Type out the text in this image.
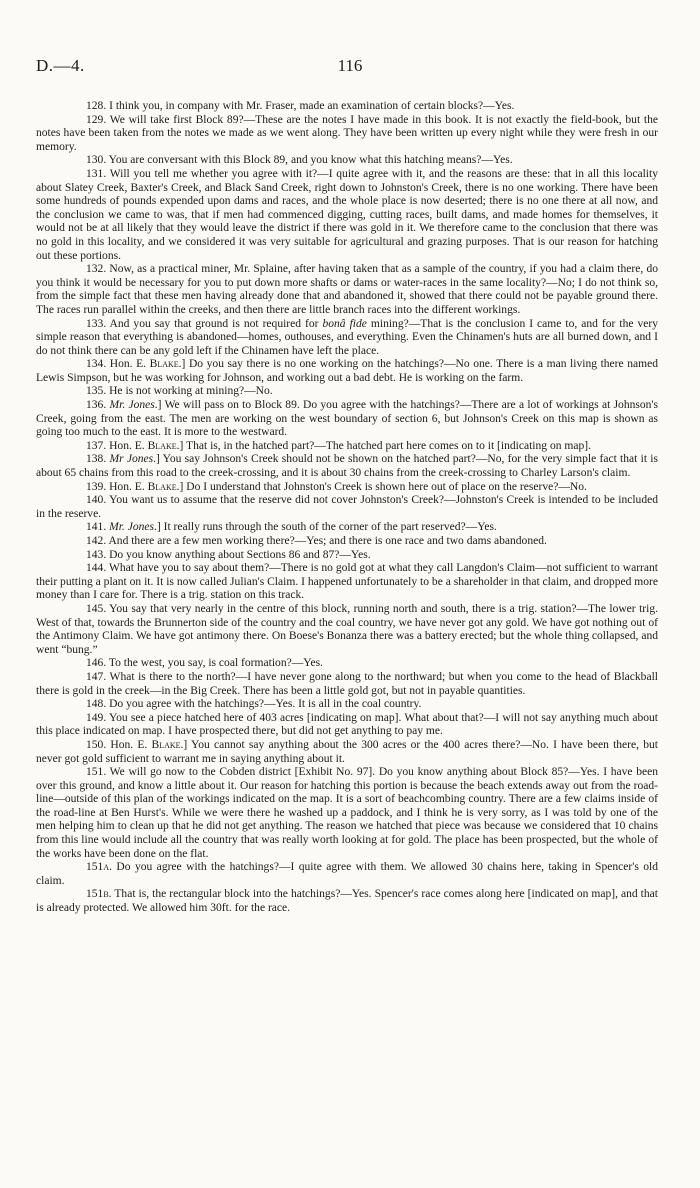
D.—4.	116

128. I think you, in company with Mr. Fraser, made an examination of certain blocks?—Yes.

129. We will take first Block 89?—These are the notes I have made in this book. It is not exactly the field-book, but the notes have been taken from the notes we made as we went along. They have been written up every night while they were fresh in our memory.

130. You are conversant with this Block 89, and you know what this hatching means?—Yes.

131. Will you tell me whether you agree with it?—I quite agree with it, and the reasons are these: that in all this locality about Slatey Creek, Baxter's Creek, and Black Sand Creek, right down to Johnston's Creek, there is no one working. There have been some hundreds of pounds expended upon dams and races, and the whole place is now deserted; there is no one there at all now, and the conclusion we came to was, that if men had commenced digging, cutting races, built dams, and made homes for themselves, it would not be at all likely that they would leave the district if there was gold in it. We therefore came to the conclusion that there was no gold in this locality, and we considered it was very suitable for agricultural and grazing purposes. That is our reason for hatching out these portions.

132. Now, as a practical miner, Mr. Splaine, after having taken that as a sample of the country, if you had a claim there, do you think it would be necessary for you to put down more shafts or dams or water-races in the same locality?—No; I do not think so, from the simple fact that these men having already done that and abandoned it, showed that there could not be payable ground there. The races run parallel within the creeks, and then there are little branch races into the different workings.

133. And you say that ground is not required for bonâ fide mining?—That is the conclusion I came to, and for the very simple reason that everything is abandoned—homes, outhouses, and everything. Even the Chinamen's huts are all burned down, and I do not think there can be any gold left if the Chinamen have left the place.

134. Hon. E. Blake.] Do you say there is no one working on the hatchings?—No one. There is a man living there named Lewis Simpson, but he was working for Johnson, and working out a bad debt. He is working on the farm.

135. He is not working at mining?—No.

136. Mr. Jones.] We will pass on to Block 89. Do you agree with the hatchings?—There are a lot of workings at Johnson's Creek, going from the east. The men are working on the west boundary of section 6, but Johnson's Creek on this map is shown as going too much to the east. It is more to the westward.

137. Hon. E. Blake.] That is, in the hatched part?—The hatched part here comes on to it [indicating on map].

138. Mr Jones.] You say Johnson's Creek should not be shown on the hatched part?—No, for the very simple fact that it is about 65 chains from this road to the creek-crossing, and it is about 30 chains from the creek-crossing to Charley Larson's claim.

139. Hon. E. Blake.] Do I understand that Johnston's Creek is shown here out of place on the reserve?—No.

140. You want us to assume that the reserve did not cover Johnston's Creek?—Johnston's Creek is intended to be included in the reserve.

141. Mr. Jones.] It really runs through the south of the corner of the part reserved?—Yes.

142. And there are a few men working there?—Yes; and there is one race and two dams abandoned.

143. Do you know anything about Sections 86 and 87?—Yes.

144. What have you to say about them?—There is no gold got at what they call Langdon's Claim—not sufficient to warrant their putting a plant on it. It is now called Julian's Claim. I happened unfortunately to be a shareholder in that claim, and dropped more money than I care for. There is a trig. station on this track.

145. You say that very nearly in the centre of this block, running north and south, there is a trig. station?—The lower trig. West of that, towards the Brunnerton side of the country and the coal country, we have never got any gold. We have got nothing out of the Antimony Claim. We have got antimony there. On Boese's Bonanza there was a battery erected; but the whole thing collapsed, and went “bung.”

146. To the west, you say, is coal formation?—Yes.

147. What is there to the north?—I have never gone along to the northward; but when you come to the head of Blackball there is gold in the creek—in the Big Creek. There has been a little gold got, but not in payable quantities.

148. Do you agree with the hatchings?—Yes. It is all in the coal country.

149. You see a piece hatched here of 403 acres [indicating on map]. What about that?—I will not say anything much about this place indicated on map. I have prospected there, but did not get anything to pay me.

150. Hon. E. Blake.] You cannot say anything about the 300 acres or the 400 acres there?—No. I have been there, but never got gold sufficient to warrant me in saying anything about it.

151. We will go now to the Cobden district [Exhibit No. 97]. Do you know anything about Block 85?—Yes. I have been over this ground, and know a little about it. Our reason for hatching this portion is because the beach extends away out from the road-line—outside of this plan of the workings indicated on the map. It is a sort of beachcombing country. There are a few claims inside of the road-line at Ben Hurst's. While we were there he washed up a paddock, and I think he is very sorry, as I was told by one of the men helping him to clean up that he did not get anything. The reason we hatched that piece was because we considered that 10 chains from this line would include all the country that was really worth looking at for gold. The place has been prospected, but the whole of the works have been done on the flat.

151a. Do you agree with the hatchings?—I quite agree with them. We allowed 30 chains here, taking in Spencer's old claim.

151b. That is, the rectangular block into the hatchings?—Yes. Spencer's race comes along here [indicated on map], and that is already protected. We allowed him 30ft. for the race.
